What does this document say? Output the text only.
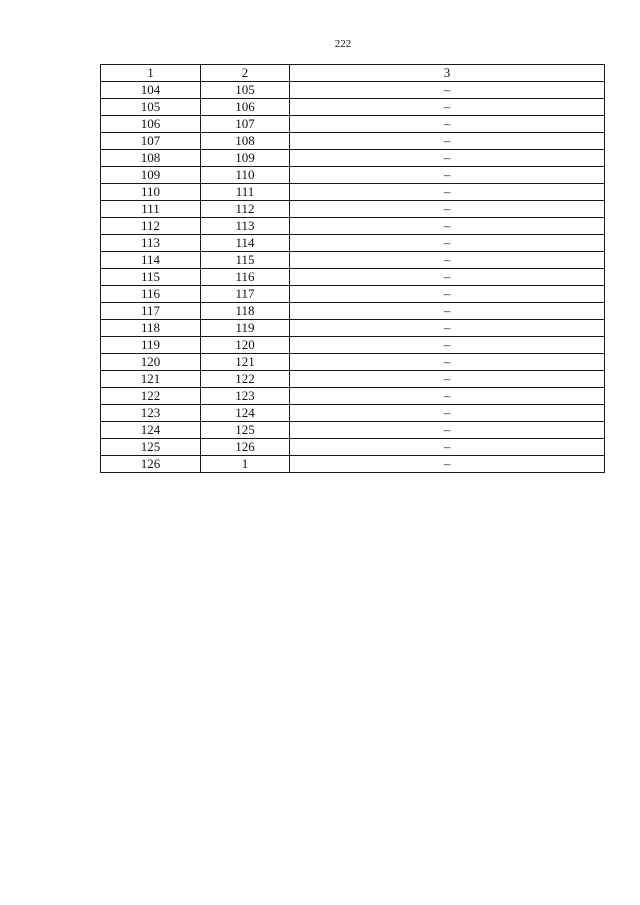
222
1	2	3
104	105	–
105	106	–
106	107	–
107	108	–
108	109	–
109	110	–
110	111	–
111	112	–
112	113	–
113	114	–
114	115	–
115	116	–
116	117	–
117	118	–
118	119	–
119	120	–
120	121	–
121	122	–
122	123	–
123	124	–
124	125	–
125	126	–
126	1	–
